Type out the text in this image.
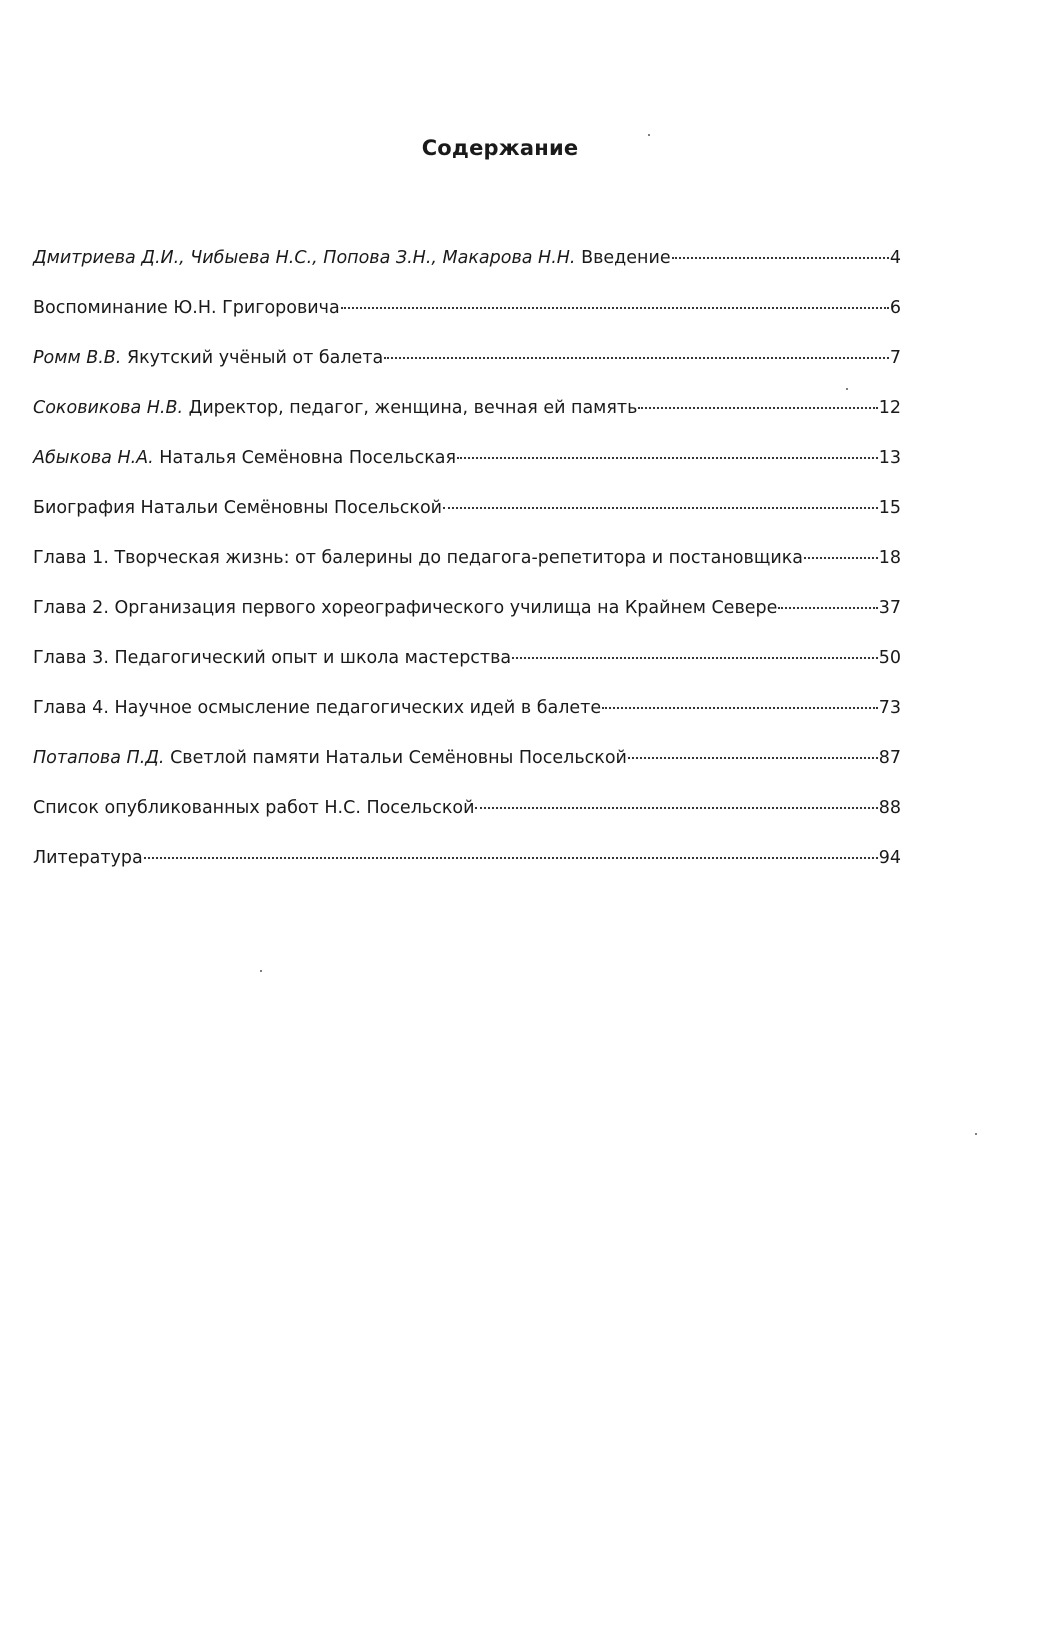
Содержание
Дмитриева Д.И., Чибыева Н.С., Попова З.Н., Макарова Н.Н. Введение	4
Воспоминание Ю.Н. Григоровича	6
Ромм В.В. Якутский учёный от балета	7
Соковикова Н.В. Директор, педагог, женщина, вечная ей память	12
Абыкова Н.А. Наталья Семёновна Посельская	13
Биография Натальи Семёновны Посельской	15
Глава 1. Творческая жизнь: от балерины до педагога-репетитора и постановщика	18
Глава 2. Организация первого хореографического училища на Крайнем Севере	37
Глава 3. Педагогический опыт и школа мастерства	50
Глава 4. Научное осмысление педагогических идей в балете	73
Потапова П.Д. Светлой памяти Натальи Семёновны Посельской	87
Список опубликованных работ Н.С. Посельской	88
Литература	94
